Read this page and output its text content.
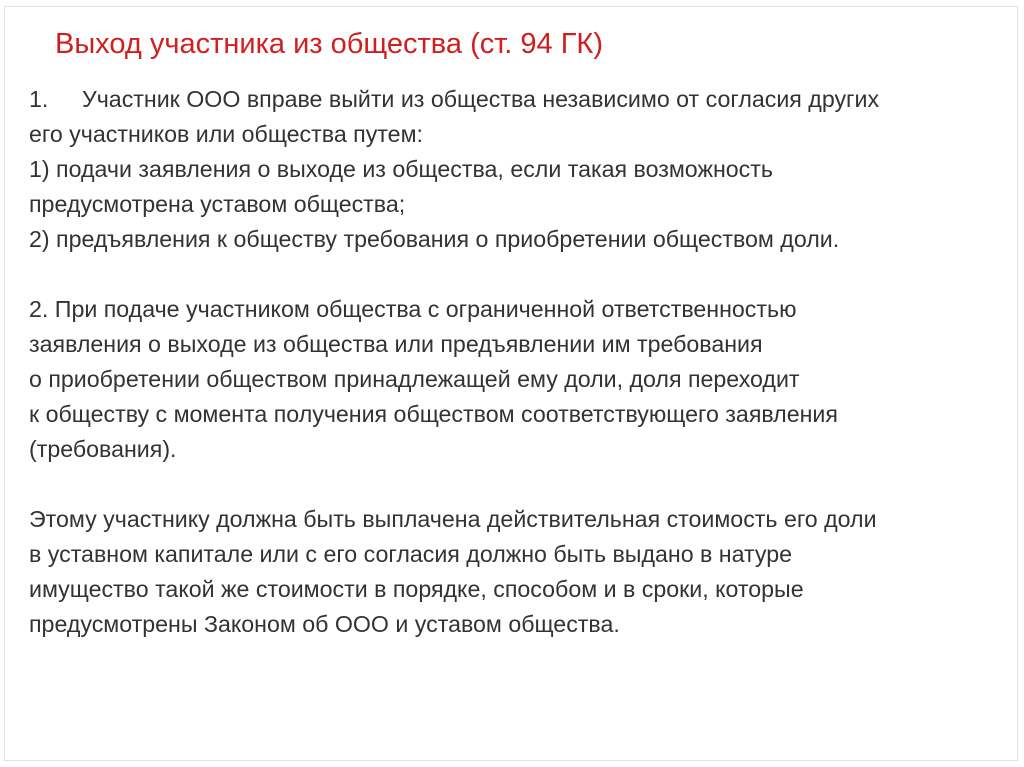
Выход участника из общества (ст. 94 ГК)
1. Участник ООО вправе выйти из общества независимо от согласия других
его участников или общества путем:
1) подачи заявления о выходе из общества, если такая возможность
предусмотрена уставом общества;
2) предъявления к обществу требования о приобретении обществом доли.
2. При подаче участником общества с ограниченной ответственностью
заявления о выходе из общества или предъявлении им требования
о приобретении обществом принадлежащей ему доли, доля переходит
к обществу с момента получения обществом соответствующего заявления
(требования).
Этому участнику должна быть выплачена действительная стоимость его доли
в уставном капитале или с его согласия должно быть выдано в натуре
имущество такой же стоимости в порядке, способом и в сроки, которые
предусмотрены Законом об ООО и уставом общества.
